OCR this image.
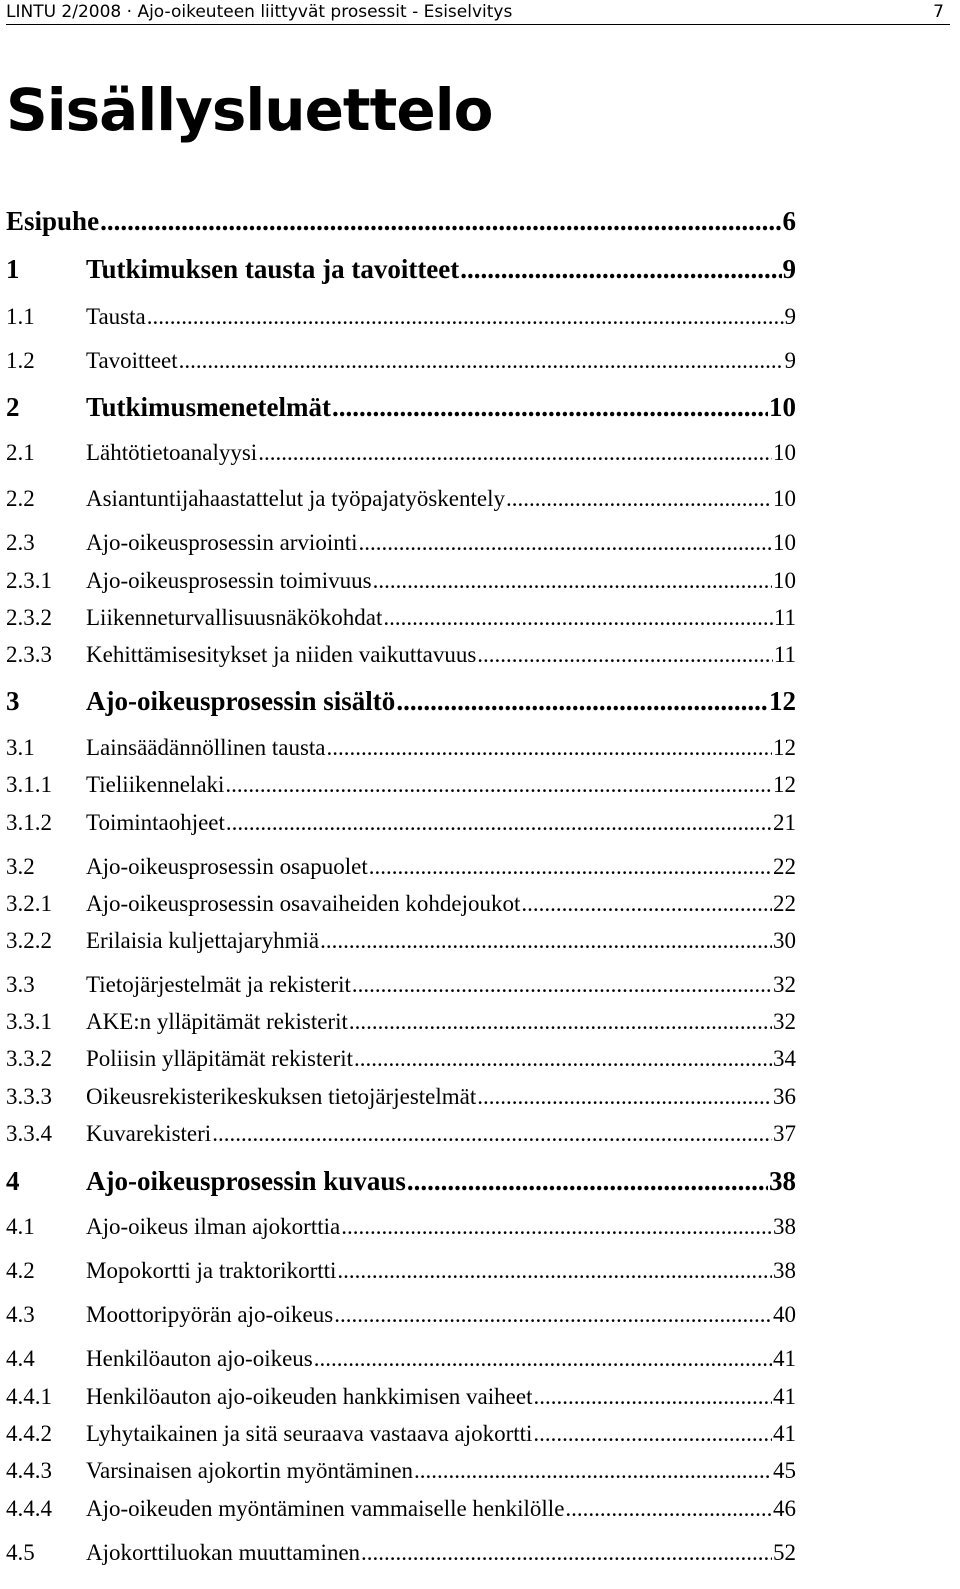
LINTU 2/2008 · Ajo-oikeuteen liittyvät prosessit - Esiselvitys	7
Sisällysluettelo
Esipuhe .....	6
1 Tutkimuksen tausta ja tavoitteet .....	9
1.1 Tausta .....	9
1.2 Tavoitteet .....	9
2 Tutkimusmenetelmät .....	10
2.1 Lähtötietoanalyysi .....	10
2.2 Asiantuntijahaastattelut ja työpajatyöskentely .....	10
2.3 Ajo-oikeusprosessin arviointi .....	10
2.3.1 Ajo-oikeusprosessin toimivuus .....	10
2.3.2 Liikenneturvallisuusnäkökohdat .....	11
2.3.3 Kehittämisesitykset ja niiden vaikuttavuus .....	11
3 Ajo-oikeusprosessin sisältö .....	12
3.1 Lainsäädännöllinen tausta .....	12
3.1.1 Tieliikennelaki .....	12
3.1.2 Toimintaohjeet .....	21
3.2 Ajo-oikeusprosessin osapuolet .....	22
3.2.1 Ajo-oikeusprosessin osavaiheiden kohdejoukot .....	22
3.2.2 Erilaisia kuljettajaryhmiä .....	30
3.3 Tietojärjestelmät ja rekisterit .....	32
3.3.1 AKE:n ylläpitämät rekisterit .....	32
3.3.2 Poliisin ylläpitämät rekisterit .....	34
3.3.3 Oikeusrekisterikeskuksen tietojärjestelmät .....	36
3.3.4 Kuvarekisteri .....	37
4 Ajo-oikeusprosessin kuvaus .....	38
4.1 Ajo-oikeus ilman ajokorttia .....	38
4.2 Mopokortti ja traktorikortti .....	38
4.3 Moottoripyörän ajo-oikeus .....	40
4.4 Henkilöauton ajo-oikeus .....	41
4.4.1 Henkilöauton ajo-oikeuden hankkimisen vaiheet .....	41
4.4.2 Lyhytaikainen ja sitä seuraava vastaava ajokortti .....	41
4.4.3 Varsinaisen ajokortin myöntäminen .....	45
4.4.4 Ajo-oikeuden myöntäminen vammaiselle henkilölle .....	46
4.5 Ajokorttiluokan muuttaminen .....	52
